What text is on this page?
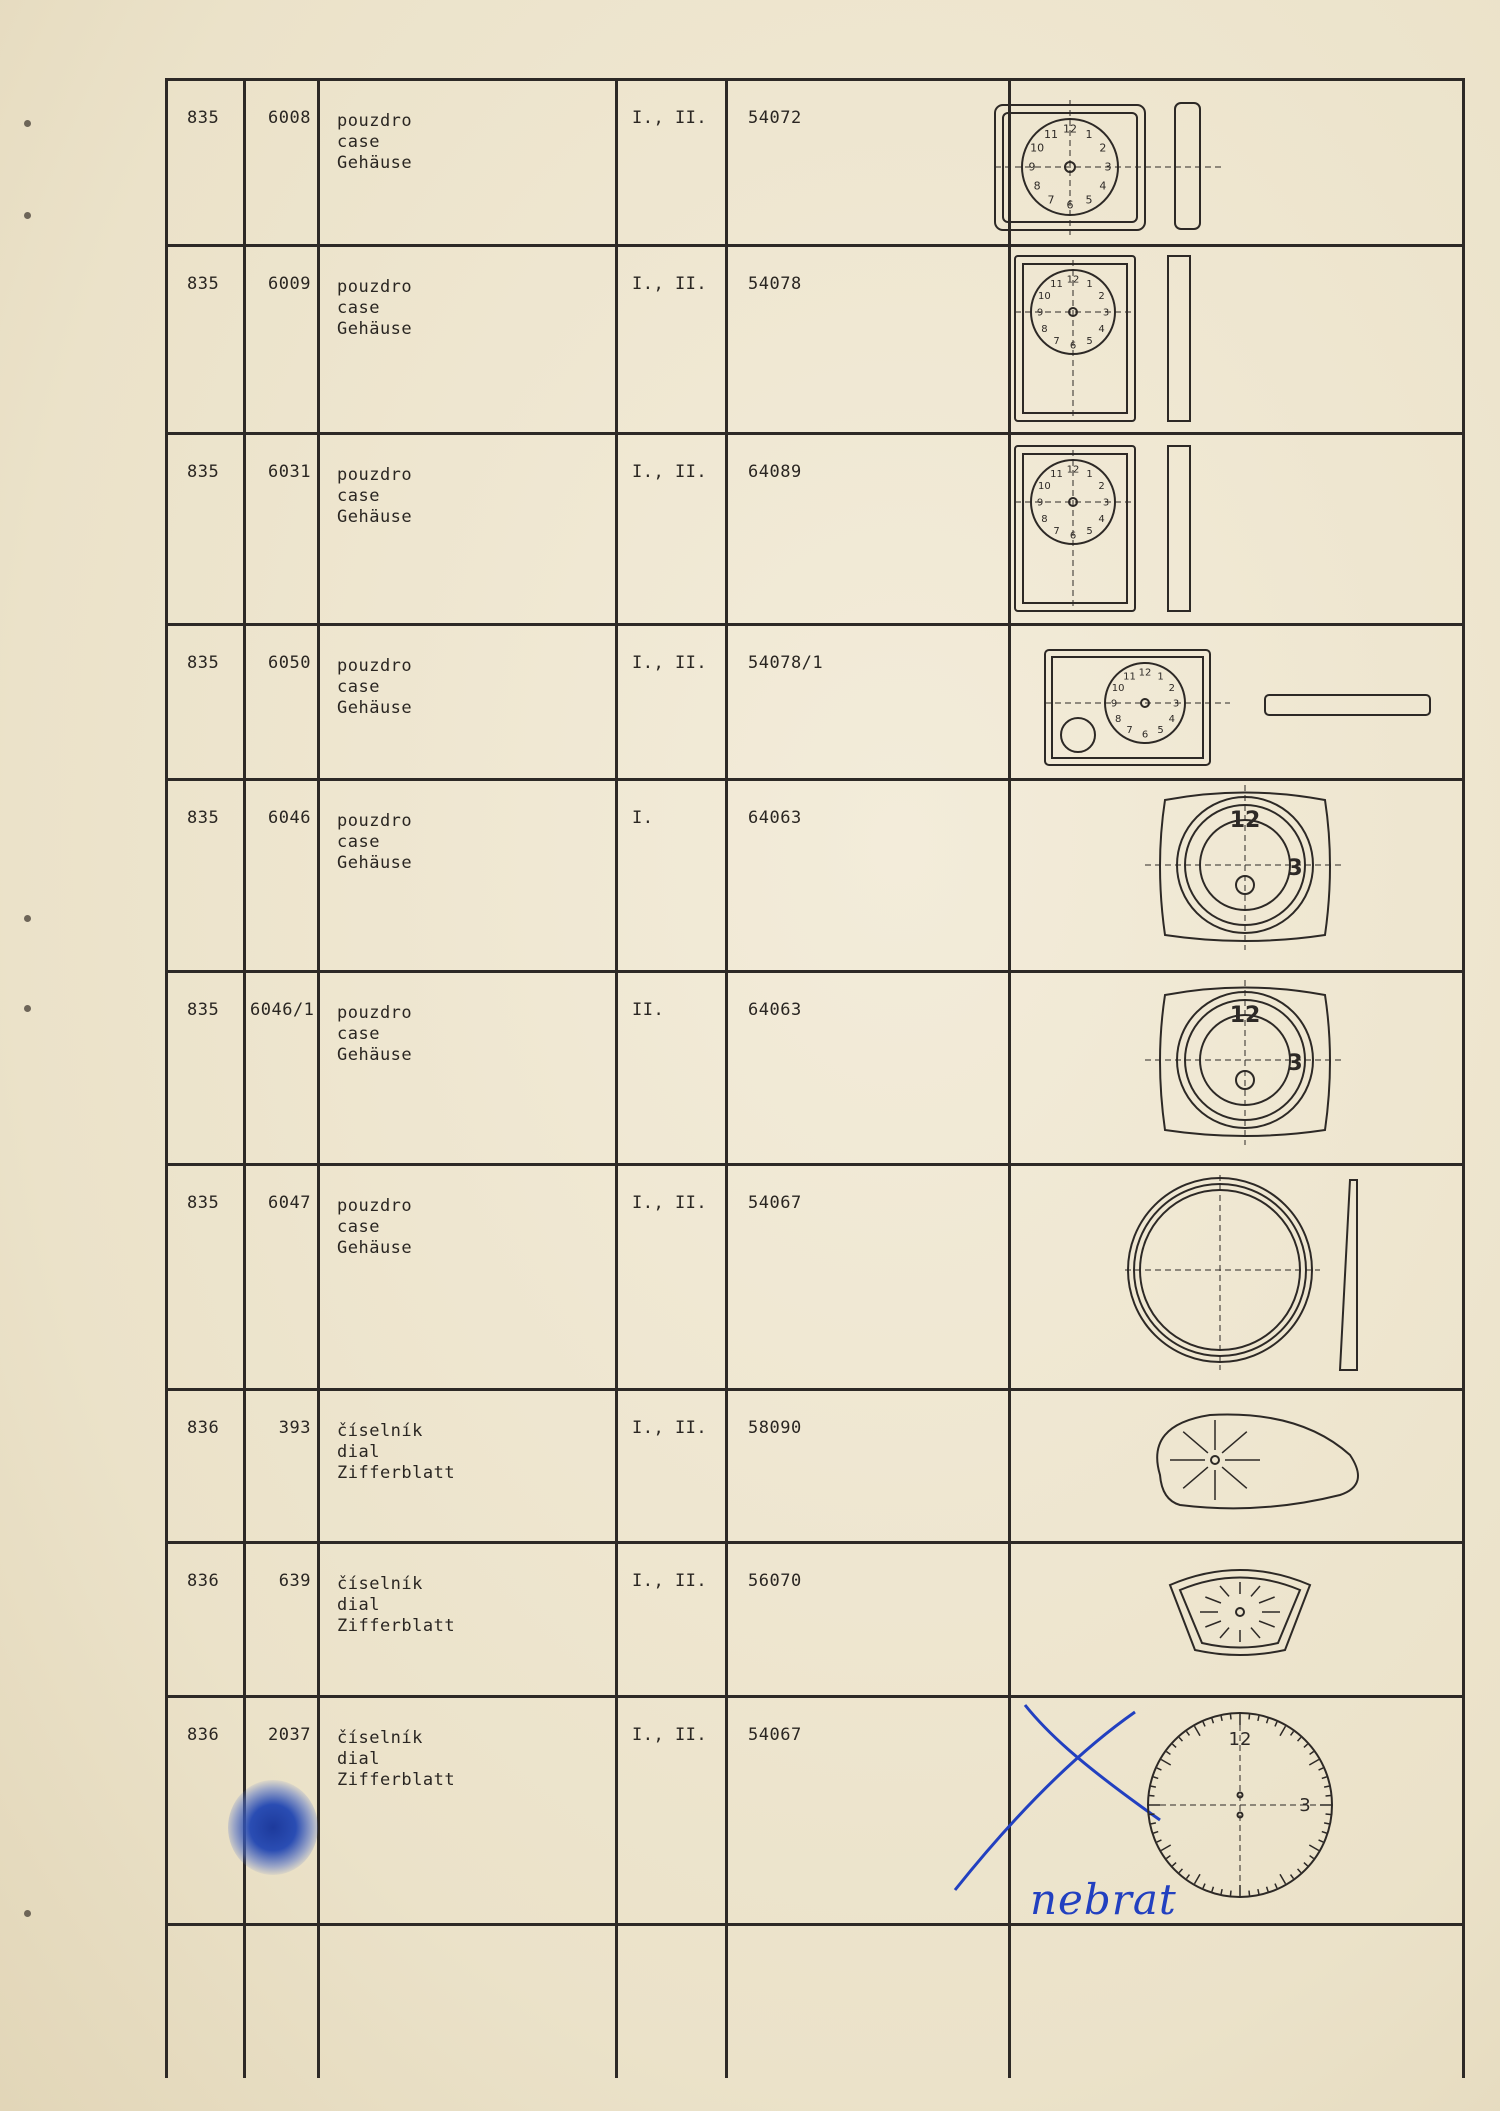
835	6008 pouzdro
case
Gehäuse
I., II. 54072
835	6009 pouzdro
case
Gehäuse
I., II. 54078
835	6031 pouzdro
case
Gehäuse
I., II. 64089
835	6050 pouzdro
case
Gehäuse
I., II. 54078/1
835	6046 pouzdro
case
Gehäuse
I.	64063
835 6046/1 pouzdro
case
Gehäuse
II.	64063
835	6047 pouzdro
case
Gehäuse
I., II. 54067
836	393 číselník
dial
Zifferblatt
I., II. 58090
836	639 číselník
dial
Zifferblatt
I., II. 56070
836	2037 číselník
dial
Zifferblatt
I., II. 54067
nebrat
1
2
3
4
5
6
7
8
9
10
11 12
1
2
3
4
5
6
7
8
9
10
11 12
1
2
3
4
5
6
7
8
9
10
11 12
1
2
3
4
5
6
7
8
9
10
11 12
12
3
12
3
12
3
